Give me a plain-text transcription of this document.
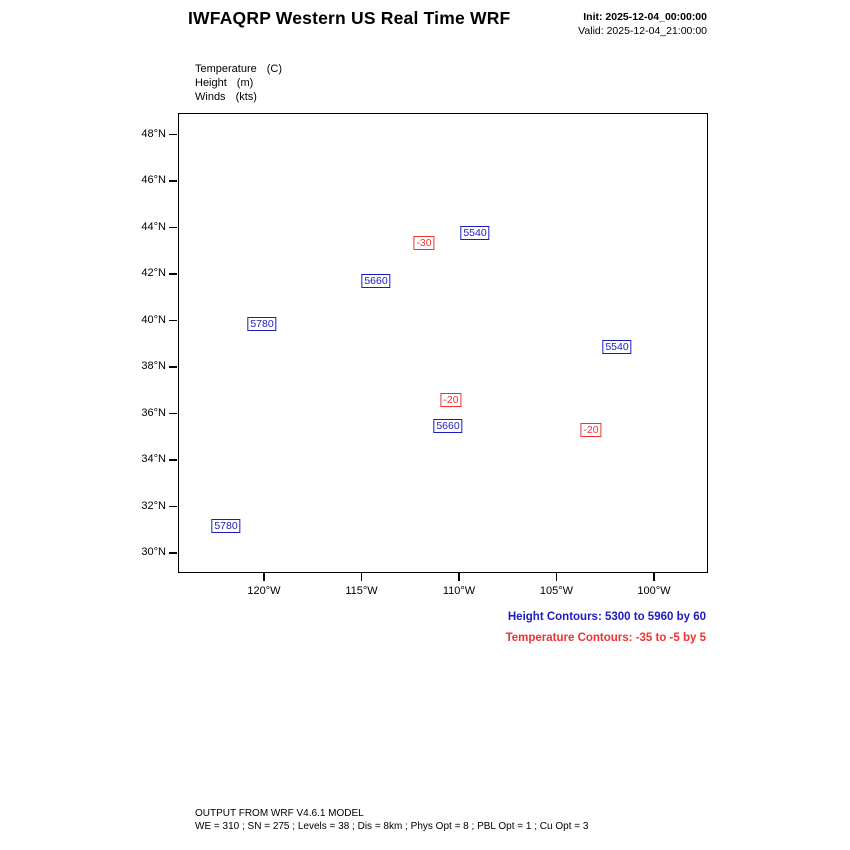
IWFAQRP Western US Real Time WRF	Init: 2025-12-04_00:00:00
Valid: 2025-12-04_21:00:00
Temperature (C)
Height (m)
Winds (kts)
48°N
46°N
44°N
42°N
40°N
38°N
36°N
34°N
32°N
30°N
120°W	115°W	110°W	105°W	100°W
5540
5540
5660
5660
5780
5780
-30
-20
-20
Height Contours: 5300 to 5960 by 60
Temperature Contours: -35 to -5 by 5
OUTPUT FROM WRF V4.6.1 MODEL
WE = 310 ; SN = 275 ; Levels = 38 ; Dis = 8km ; Phys Opt = 8 ; PBL Opt = 1 ; Cu Opt = 3
